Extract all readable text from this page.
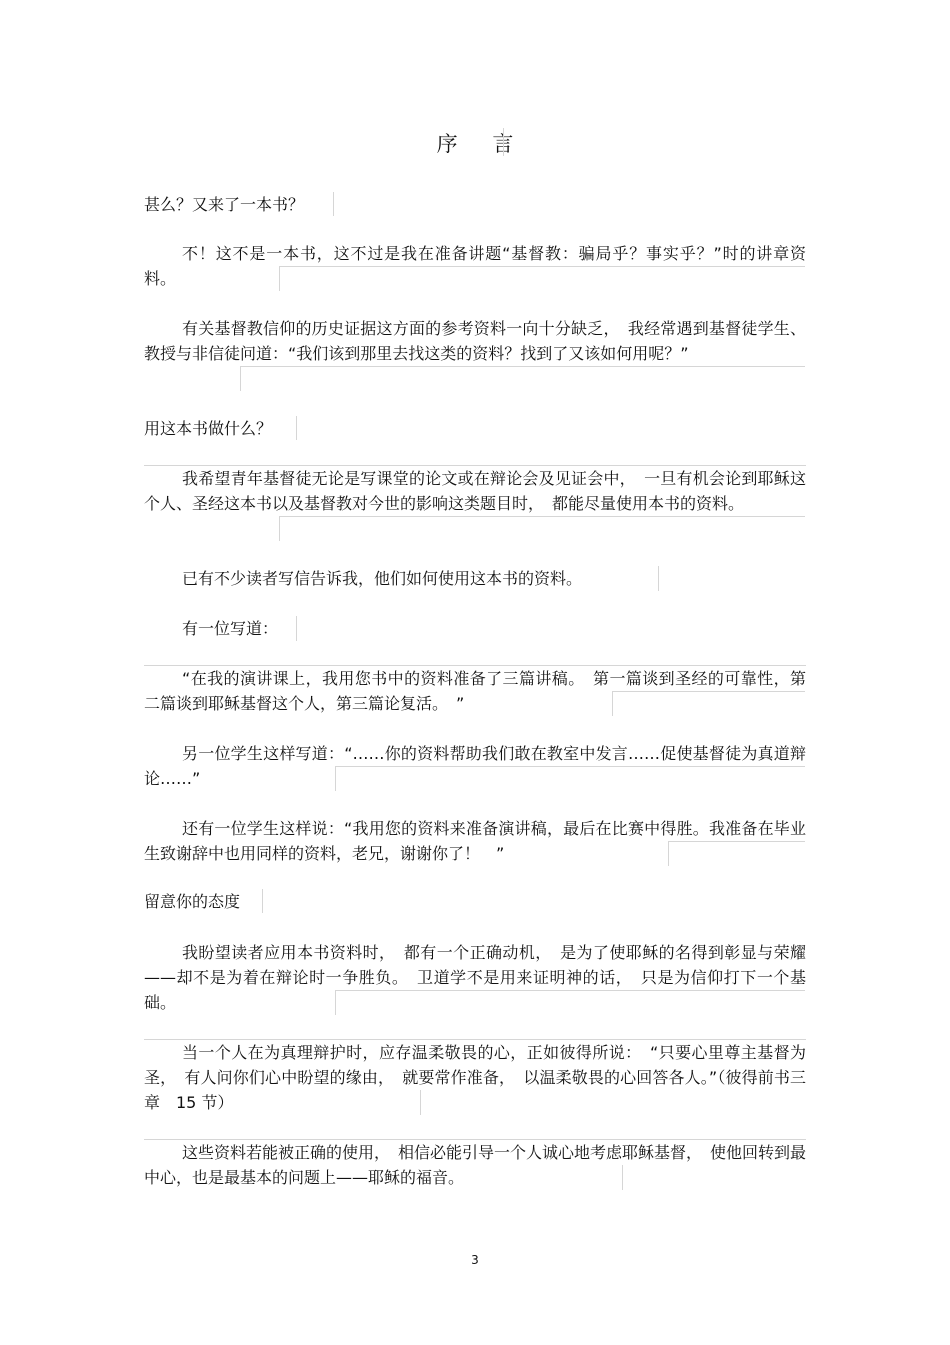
序 言
甚么？又来了一本书？

不！这不是一本书，这不过是我在准备讲题“基督教：骗局乎？事实乎？”时的讲章资料。

有关基督教信仰的历史证据这方面的参考资料一向十分缺乏，　我经常遇到基督徒学生、教授与非信徒问道：“我们该到那里去找这类的资料？找到了又该如何用呢？”

用这本书做什么？

我希望青年基督徒无论是写课堂的论文或在辩论会及见证会中，　一旦有机会论到耶稣这个人、圣经这本书以及基督教对今世的影响这类题目时，　都能尽量使用本书的资料。

已有不少读者写信告诉我，他们如何使用这本书的资料。

有一位写道：

“在我的演讲课上，我用您书中的资料准备了三篇讲稿。　第一篇谈到圣经的可靠性，第二篇谈到耶稣基督这个人，第三篇论复活。　”

另一位学生这样写道：“……你的资料帮助我们敢在教室中发言……促使基督徒为真道辩论……”

还有一位学生这样说：“我用您的资料来准备演讲稿，最后在比赛中得胜。我准备在毕业生致谢辞中也用同样的资料，老兄，谢谢你了！　”

留意你的态度

我盼望读者应用本书资料时，　都有一个正确动机，　是为了使耶稣的名得到彰显与荣耀——却不是为着在辩论时一争胜负。　卫道学不是用来证明神的话，　只是为信仰打下一个基础。

当一个人在为真理辩护时，应存温柔敬畏的心，正如彼得所说：　“只要心里尊主基督为圣，　有人问你们心中盼望的缘由，　就要常作准备，　以温柔敬畏的心回答各人。”（彼得前书三章　15 节）

这些资料若能被正确的使用，　相信必能引导一个人诚心地考虑耶稣基督，　使他回转到最中心，也是最基本的问题上——耶稣的福音。

3
